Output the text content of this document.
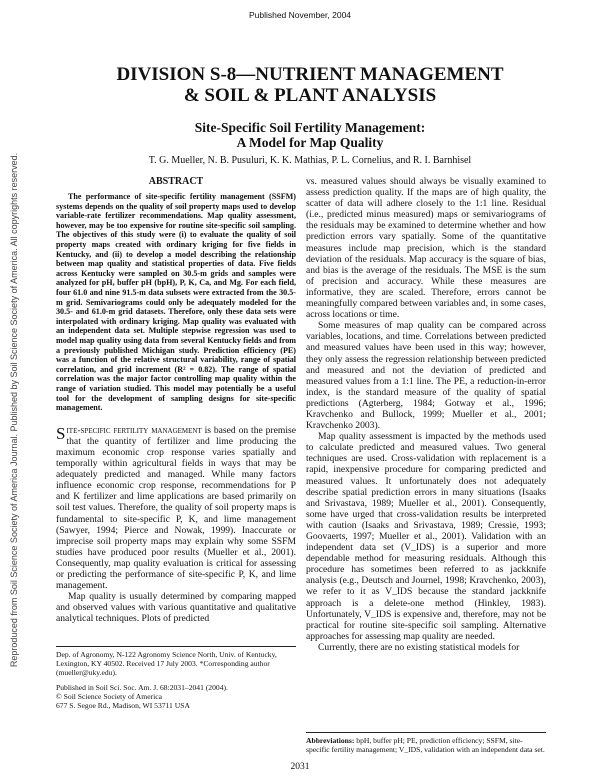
Published November, 2004
Reproduced from Soil Science Society of America Journal. Published by Soil Science Society of America. All copyrights reserved.
DIVISION S-8—NUTRIENT MANAGEMENT
& SOIL & PLANT ANALYSIS
Site-Specific Soil Fertility Management:
A Model for Map Quality
T. G. Mueller, N. B. Pusuluri, K. K. Mathias, P. L. Cornelius, and R. I. Barnhisel
ABSTRACT
The performance of site-specific fertility management (SSFM) systems depends on the quality of soil property maps used to develop variable-rate fertilizer recommendations. Map quality assessment, however, may be too expensive for routine site-specific soil sampling. The objectives of this study were (i) to evaluate the quality of soil property maps created with ordinary kriging for five fields in Kentucky, and (ii) to develop a model describing the relationship between map quality and statistical properties of data. Five fields across Kentucky were sampled on 30.5-m grids and samples were analyzed for pH, buffer pH (bpH), P, K, Ca, and Mg. For each field, four 61.0 and nine 91.5-m data subsets were extracted from the 30.5-m grid. Semivariograms could only be adequately modeled for the 30.5- and 61.0-m grid datasets. Therefore, only these data sets were interpolated with ordinary kriging. Map quality was evaluated with an independent data set. Multiple stepwise regression was used to model map quality using data from several Kentucky fields and from a previously published Michigan study. Prediction efficiency (PE) was a function of the relative structural variability, range of spatial correlation, and grid increment (R² = 0.82). The range of spatial correlation was the major factor controlling map quality within the range of variation studied. This model may potentially be a useful tool for the development of sampling designs for site-specific management.

Site-specific fertility management is based on the premise that the quantity of fertilizer and lime producing the maximum economic crop response varies spatially and temporally within agricultural fields in ways that may be adequately predicted and managed. While many factors influence economic crop response, recommendations for P and K fertilizer and lime applications are based primarily on soil test values. Therefore, the quality of soil property maps is fundamental to site-specific P, K, and lime management (Sawyer, 1994; Pierce and Nowak, 1999). Inaccurate or imprecise soil property maps may explain why some SSFM studies have produced poor results (Mueller et al., 2001). Consequently, map quality evaluation is critical for assessing or predicting the performance of site-specific P, K, and lime management.

Map quality is usually determined by comparing mapped and observed values with various quantitative and qualitative analytical techniques. Plots of predicted

Dep. of Agronomy, N-122 Agronomy Science North, Univ. of Kentucky, Lexington, KY 40502. Received 17 July 2003. *Corresponding author (mueller@uky.edu).
Published in Soil Sci. Soc. Am. J. 68:2031–2041 (2004).
© Soil Science Society of America
677 S. Segoe Rd., Madison, WI 53711 USA

vs. measured values should always be visually examined to assess prediction quality. If the maps are of high quality, the scatter of data will adhere closely to the 1:1 line. Residual (i.e., predicted minus measured) maps or semivariograms of the residuals may be examined to determine whether and how prediction errors vary spatially. Some of the quantitative measures include map precision, which is the standard deviation of the residuals. Map accuracy is the square of bias, and bias is the average of the residuals. The MSE is the sum of precision and accuracy. While these measures are informative, they are scaled. Therefore, errors cannot be meaningfully compared between variables and, in some cases, across locations or time.

Some measures of map quality can be compared across variables, locations, and time. Correlations between predicted and measured values have been used in this way; however, they only assess the regression relationship between predicted and measured and not the deviation of predicted and measured values from a 1:1 line. The PE, a reduction-in-error index, is the standard measure of the quality of spatial predictions (Agterberg, 1984; Gotway et al., 1996; Kravchenko and Bullock, 1999; Mueller et al., 2001; Kravchenko 2003).

Map quality assessment is impacted by the methods used to calculate predicted and measured values. Two general techniques are used. Cross-validation with replacement is a rapid, inexpensive procedure for comparing predicted and measured values. It unfortunately does not adequately describe spatial prediction errors in many situations (Isaaks and Srivastava, 1989; Mueller et al., 2001). Consequently, some have urged that cross-validation results be interpreted with caution (Isaaks and Srivastava, 1989; Cressie, 1993; Goovaerts, 1997; Mueller et al., 2001). Validation with an independent data set (V_IDS) is a superior and more dependable method for measuring residuals. Although this procedure has sometimes been referred to as jackknife analysis (e.g., Deutsch and Journel, 1998; Kravchenko, 2003), we refer to it as V_IDS because the standard jackknife approach is a delete-one method (Hinkley, 1983). Unfortunately, V_IDS is expensive and, therefore, may not be practical for routine site-specific soil sampling. Alternative approaches for assessing map quality are needed.

Currently, there are no existing statistical models for

Abbreviations: bpH, buffer pH; PE, prediction efficiency; SSFM, site-specific fertility management; V_IDS, validation with an independent data set.
2031
